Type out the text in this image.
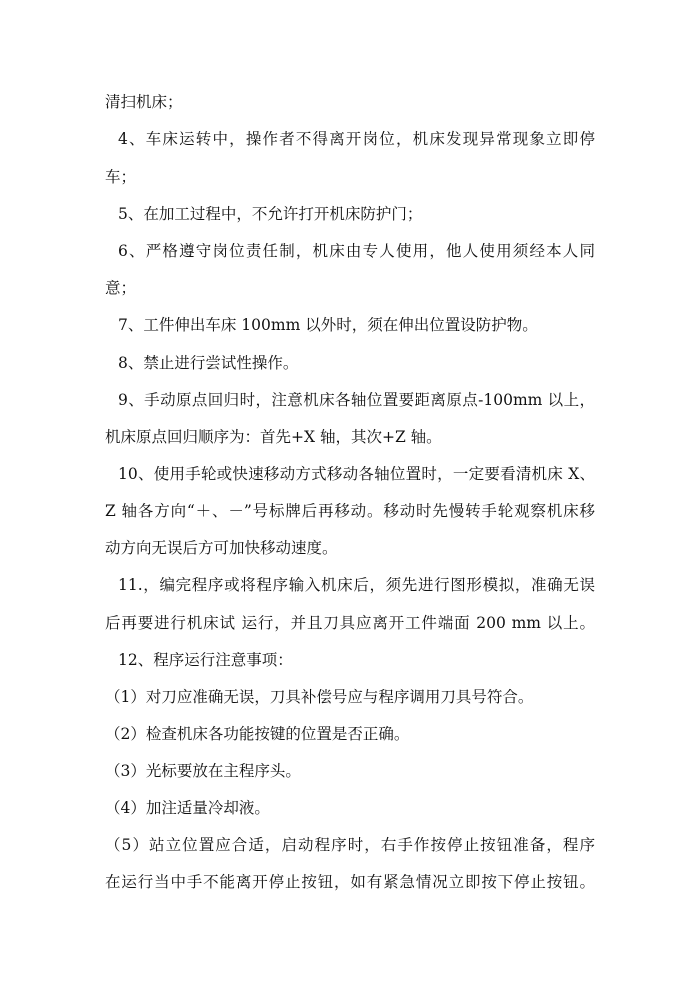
清扫机床；
4、车床运转中，操作者不得离开岗位，机床发现异常现象立即停
车；
5、在加工过程中，不允许打开机床防护门；
6、严格遵守岗位责任制，机床由专人使用，他人使用须经本人同
意；
7、工件伸出车床 100mm 以外时，须在伸出位置设防护物。
8、禁止进行尝试性操作。
9、手动原点回归时，注意机床各轴位置要距离原点-100mm 以上，
机床原点回归顺序为：首先+X 轴，其次+Z 轴。
10、使用手轮或快速移动方式移动各轴位置时，一定要看清机床 X、
Z 轴各方向“＋、－”号标牌后再移动。移动时先慢转手轮观察机床移
动方向无误后方可加快移动速度。
11.，编完程序或将程序输入机床后，须先进行图形模拟，准确无误
后再要进行机床试 运行，并且刀具应离开工件端面 200 mm 以上。
12、程序运行注意事项：
（1）对刀应准确无误，刀具补偿号应与程序调用刀具号符合。
（2）检查机床各功能按键的位置是否正确。
（3）光标要放在主程序头。
（4）加注适量冷却液。
（5）站立位置应合适，启动程序时，右手作按停止按钮准备，程序
在运行当中手不能离开停止按钮，如有紧急情况立即按下停止按钮。
